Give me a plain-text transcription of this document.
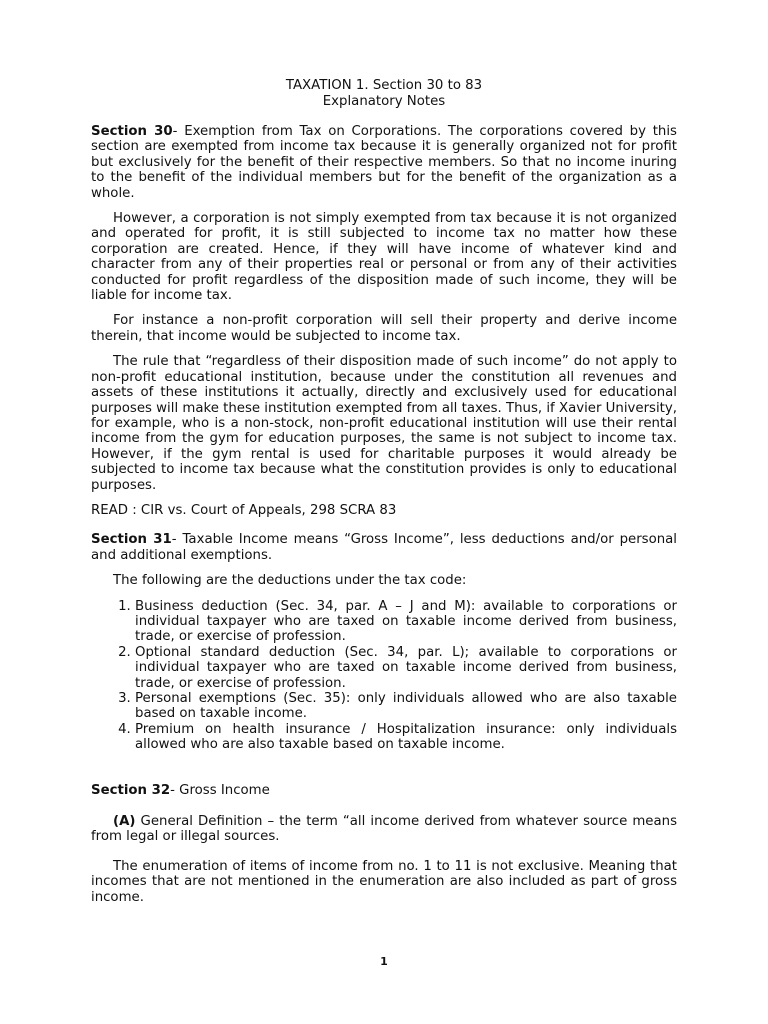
TAXATION 1. Section 30 to 83
Explanatory Notes

Section 30- Exemption from Tax on Corporations. The corporations covered by this section are exempted from income tax because it is generally organized not for profit but exclusively for the benefit of their respective members. So that no income inuring to the benefit of the individual members but for the benefit of the organization as a whole.

However, a corporation is not simply exempted from tax because it is not organized and operated for profit, it is still subjected to income tax no matter how these corporation are created. Hence, if they will have income of whatever kind and character from any of their properties real or personal or from any of their activities conducted for profit regardless of the disposition made of such income, they will be liable for income tax.

For instance a non-profit corporation will sell their property and derive income therein, that income would be subjected to income tax.

The rule that “regardless of their disposition made of such income” do not apply to non-profit educational institution, because under the constitution all revenues and assets of these institutions it actually, directly and exclusively used for educational purposes will make these institution exempted from all taxes. Thus, if Xavier University, for example, who is a non-stock, non-profit educational institution will use their rental income from the gym for education purposes, the same is not subject to income tax. However, if the gym rental is used for charitable purposes it would already be subjected to income tax because what the constitution provides is only to educational purposes.

READ : CIR vs. Court of Appeals, 298 SCRA 83

Section 31- Taxable Income means “Gross Income”, less deductions and/or personal and additional exemptions.

The following are the deductions under the tax code:

1. Business deduction (Sec. 34, par. A – J and M): available to corporations or individual taxpayer who are taxed on taxable income derived from business, trade, or exercise of profession.
2. Optional standard deduction (Sec. 34, par. L); available to corporations or individual taxpayer who are taxed on taxable income derived from business, trade, or exercise of profession.
3. Personal exemptions (Sec. 35): only individuals allowed who are also taxable based on taxable income.
4. Premium on health insurance / Hospitalization insurance: only individuals allowed who are also taxable based on taxable income.

Section 32- Gross Income

(A) General Definition – the term “all income derived from whatever source means from legal or illegal sources.

The enumeration of items of income from no. 1 to 11 is not exclusive. Meaning that incomes that are not mentioned in the enumeration are also included as part of gross income.

1
